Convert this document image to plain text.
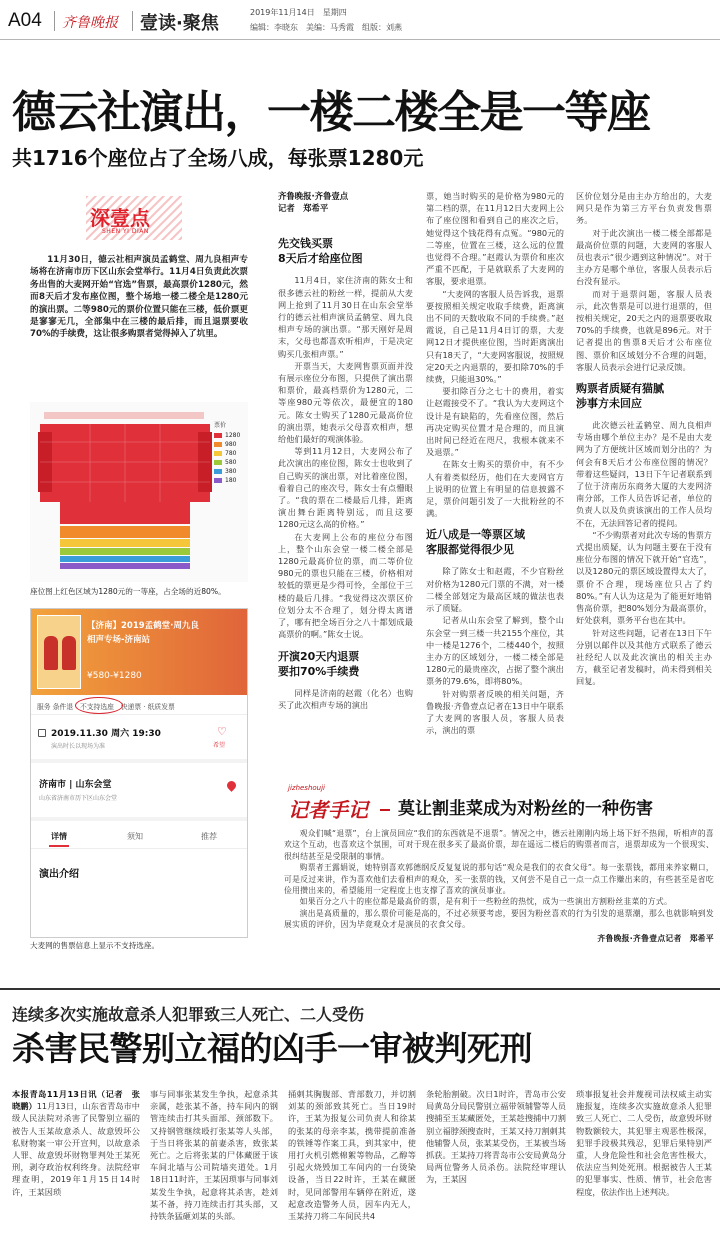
A04 齐鲁晚报 壹读·聚焦
2019年11月14日　星期四
编辑：李晓东　美编：马秀霞　组版：刘燕
德云社演出，一楼二楼全是一等座
共1716个座位占了全场八成，每张票1280元
深壹点
SHEN YI DIAN
11月30日，德云社相声演员孟鹤堂、周九良相声专场将在济南市历下区山东会堂举行。11月4日负责此次票务出售的大麦网开始“官选”售票，最高票价1280元，然而8天后才发布座位图，整个场地一楼二楼全是1280元的演出票。二等980元的票价位置只能在三楼，低价票更是寥寥无几，全部集中在三楼的最后排，而且退票要收70%的手续费，这让很多购票者觉得掉入了坑里。
票价
1280
980
780
580
380
180
座位图上红色区域为1280元的一等座，占全场的近80%。
【济南】2019孟鹤堂·周九良
相声专场-济南站
¥580-¥1280
服务 条件退　不支持选座　快递票 · 纸质发票
2019.11.30 周六 19:30
演出时长以现场为准
♡
希望
济南市 | 山东会堂
山东省济南市历下区山东会堂
详情	须知	推荐
演出介绍
大麦网的售票信息上显示不支持选座。
齐鲁晚报·齐鲁壹点
记者　郑希平
先交钱买票
8天后才给座位图

11月4日，家住济南的陈女士和很多德云社的粉丝一样，提前从大麦网上抢到了11月30日在山东会堂举行的德云社相声演员孟鹤堂、周九良相声专场的演出票。“那天刚好是周末，父母也都喜欢听相声，于是决定购买几张相声票。”

开票当天，大麦网售票页面并没有展示座位分布图，只提供了演出票和票价，最高档票价为1280元，二等座980元等依次，最便宜的180元。陈女士购买了1280元最高价位的演出票，她表示父母喜欢相声，想给他们最好的观演体验。

等到11月12日，大麦网公布了此次演出的座位图，陈女士也收到了自己购买的演出票，对比着座位图，看着自己的座次号，陈女士有点懵眼了。“我的票在二楼最后几排，距离演出舞台距离特别远，而且这要1280元这么高的价格。”

在大麦网上公布的座位分布图上，整个山东会堂一楼二楼全部是1280元最高价位的票，而二等价位980元的票也只能在三楼，价格相对较低的票更是少得可怜，全部位于三楼的最后几排。“我觉得这次票区价位划分太不合理了，划分得太离谱了，哪有把全场百分之八十都划成最高票价的啊。”陈女士说。

开演20天内退票
要扣70%手续费

同样是济南的赵霞（化名）也购买了此次相声专场的演出

票，她当时购买的是价格为980元的第二档的票，在11月12日大麦网上公布了座位图和看到自己的座次之后，她觉得这个钱花得有点冤。“980元的二等座，位置在三楼，这么远的位置也觉得不合理。”赵霞认为票价和座次严重不匹配，于是就联系了大麦网的客服，要求退票。

“大麦网的客服人员告诉我，退票要按照相关规定收取手续费，距离演出不同的天数收取不同的手续费。”赵霞说，自己是11月4日订的票，大麦网12日才提供座位图，当时距离演出只有18天了，“大麦网客服说，按照规定20天之内退票的，要扣除70%的手续费，只能退30%。”

要扣除百分之七十的费用，着实让赵霞接受不了。“我认为大麦网这个设计是有缺陷的，先看座位图，然后再决定购买位置才是合理的，而且演出时间已经近在咫尺，我根本就来不及退票。”

在陈女士购买的票价中，有不少人有着类似经历，他们在大麦网官方上说明的位置上有明显的信息披露不足，票价问题引发了一大批粉丝的不满。

近八成是一等票区域
客服都觉得很少见

除了陈女士和赵霞，不少官粉丝对价格为1280元门票的不满，对一楼二楼全部划定为最高区域的做法也表示了质疑。

记者从山东会堂了解到，整个山东会堂一到三楼一共2155个座位，其中一楼是1276个，二楼440个，按照主办方的区域划分，一楼二楼全部是1280元的最贵座次，占据了整个演出票务的79.6%，即将80%。

针对购票者反映的相关问题，齐鲁晚报·齐鲁壹点记者在13日中午联系了大麦网的客服人员，客服人员表示，演出的票

区价位划分是由主办方给出的，大麦网只是作为第三方平台负责发售票务。

对于此次演出一楼二楼全部都是最高价位票的问题，大麦网的客服人员也表示“很少遇到这种情况”。对于主办方是哪个单位，客服人员表示后台没有显示。

而对于退票问题，客服人员表示，此次售票是可以进行退票的，但按相关规定，20天之内的退票要收取70%的手续费，也就是896元。对于记者提出的售票8天后才公布座位图、票价和区域划分不合理的问题，客服人员表示会进行记录反馈。

购票者质疑有猫腻
涉事方未回应

此次德云社孟鹤堂、周九良相声专场由哪个单位主办？是不是由大麦网为了方便统计区域而划分出的？为何会有8天后才公布座位图的情况？带着这些疑问，13日下午记者联系到了位于济南历东商务大厦的大麦网济南分部，工作人员告诉记者，单位的负责人以及负责该演出的工作人员均不在，无法回答记者的提问。

“不少购票者对此次专场的售票方式提出质疑，认为问题主要在于没有座位分布图的情况下就开始“官选”，以及1280元的票区域设置得太大了，票价不合理，现场座位只占了约80%。”有人认为这是为了能更好地销售高价票，把80%划分为最高票价，好处获利，票务平台也在其中。

针对这些问题，记者在13日下午分别以邮件以及其他方式联系了德云社经纪人以及此次演出的相关主办方，截至记者发稿时，尚未得到相关回复。

jizheshouji
记者手记 莫让割韭菜成为对粉丝的一种伤害

观众们喊“退票”，台上演员回应“我们的东西就是不退票”。情况之中，德云社刚刚内场上场下好不热闹，听相声的喜欢这个互动，也喜欢这个氛围，可对于现在很多买了最高价票，却在遥远二楼后的购票者而言，退票却成为一个很现实、很纠结甚至是受限制的事情。

购票者王露娟说，她特别喜欢郭德纲反反复复说的那句话“观众是我们的衣食父母”。每一张票钱，都用来养家糊口，可是反过来讲，作为喜欢他们去看相声的观众，买一张票的钱，又何尝不是自己一点一点工作赚出来的，有些甚至是省吃俭用攒出来的，希望能用一定程度上也支撑了喜欢的演员事业。

如果百分之八十的座位都是最高价的票，是有利于一些粉丝的热忱，成为一些演出方割粉丝韭菜的方式。

演出是高质量的，那么票价可能是高的，不过必须要考虑，要因为粉丝喜欢的行为引发的退票潮，那么也就影响到发展实质的评价，因为毕竟观众才是演员的衣食父母。

齐鲁晚报·齐鲁壹点记者　郑希平
连续多次实施故意杀人犯罪致三人死亡、二人受伤
杀害民警别立福的凶手一审被判死刑
本报青岛11月13日讯（记者　张晓鹏）11月13日，山东省青岛市中级人民法院对杀害了民警别立福的被告人玉某故意杀人、故意毁坏公私财物案一审公开宣判，以故意杀人罪、故意毁坏财物罪判处王某死刑，剥夺政治权利终身。法院经审理查明，2019年1月15日14时许，王某因琐
事与同事张某发生争执，起意杀其亲属，趁张某不备，持车间内的钢管连续击打其头面部、颈部数下。又持钢管继续殴打张某等人头部，于当日将张某的前妻杀害，致张某死亡。之后将张某的尸体藏匿于该车间北墙与公司院墙夹道处。1月18日11时许，王某因琐事与同事刘某发生争执，起意将其杀害，趁刘某不备，持刀连续击打其头部，又持铁条猛砸刘某的头部。
捅刺其胸腹部、背部数刀，并切割刘某的颈部致其死亡。当日19时许，王某为报复公司负责人和徐某的张某的母亲李某，携带提前准备的铁锤等作案工具，到其家中，使用打火机引燃棉絮等物品，乙醇等引起火烧毁加工车间内的一台烫染设备，当日22时许，王某在藏匿时，见同部警用车辆停在附近，遂起意改造警务人员，因车内无人，玉某持刀将二车间民共4
条轮胎割破。次日1时许，青岛市公安局黄岛分局民警别立福带领辅警等人员搜捕至玉某藏匿处，王某趁搜捕中刀割别立福脖颈搜查时，王某又持刀割刺其他辅警人员，张某某受伤，王某被当场抓获。王某持刀将青岛市公安局黄岛分局两位警务人员杀伤。法院经审理认为，王某因
琐事报复社会并蔑视司法权威主动实施报复，连续多次实施故意杀人犯罪致三人死亡、二人受伤，故意毁坏财物数额较大，其犯罪主观恶性极深，犯罪手段极其残忍，犯罪后果特别严重，人身危险性和社会危害性极大，依法应当判处死刑。根据被告人王某的犯罪事实、性质、情节，社会危害程度，依法作出上述判决。
